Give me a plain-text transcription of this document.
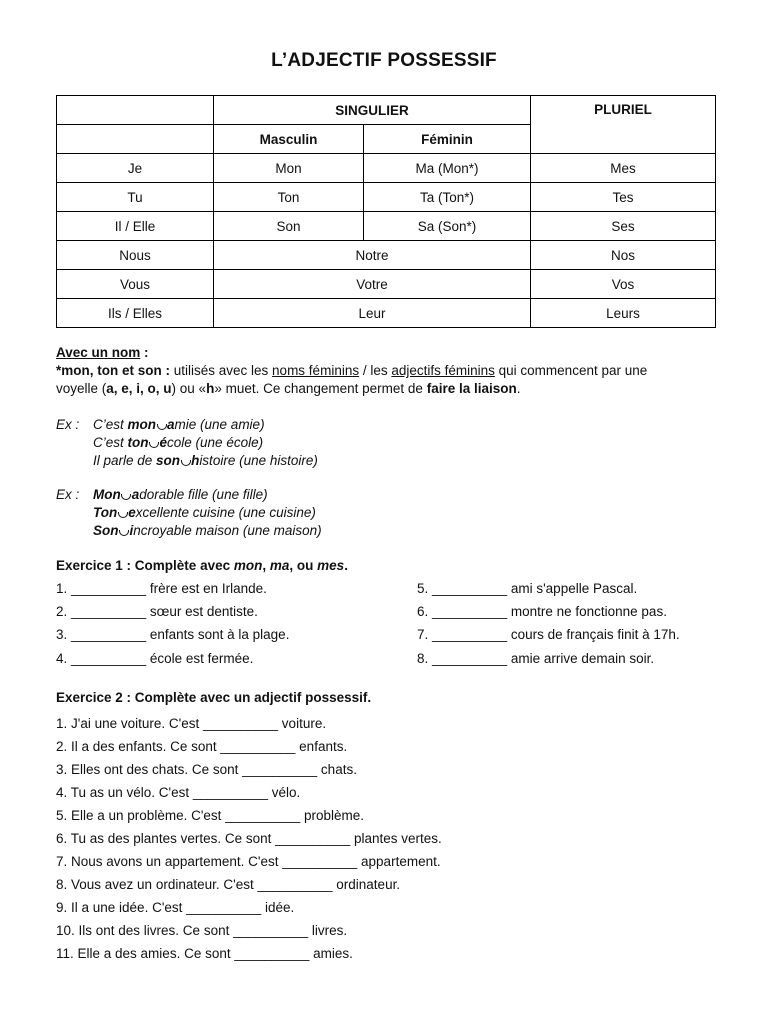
L’ADJECTIF POSSESSIF
	SINGULIER		PLURIEL
	Masculin	Féminin	
Je	Mon	Ma (Mon*)	Mes
Tu	Ton	Ta (Ton*)	Tes
Il / Elle	Son	Sa (Son*)	Ses
Nous	Notre		Nos
Vous	Votre		Vos
Ils / Elles	Leur		Leurs

Avec un nom :

*mon, ton et son : utilisés avec les noms féminins / les adjectifs féminins qui commencent par une
voyelle (a, e, i, o, u) ou «h» muet. Ce changement permet de faire la liaison.

Ex : C’est mon amie (une amie)
C’est ton école (une école)
Il parle de son histoire (une histoire)
Ex : Mon adorable fille (une fille)
Ton excellente cuisine (une cuisine)
Son incroyable maison (une maison)
Exercice 1 : Complète avec mon, ma, ou mes.
1. __________ frère est en Irlande.
2. __________ sœur est dentiste.
3. __________ enfants sont à la plage.
4. __________ école est fermée.
5. __________ ami s'appelle Pascal.
6. __________ montre ne fonctionne pas.
7. __________ cours de français finit à 17h.
8. __________ amie arrive demain soir.
Exercice 2 : Complète avec un adjectif possessif.
1. J'ai une voiture. C'est __________ voiture.
2. Il a des enfants. Ce sont __________ enfants.
3. Elles ont des chats. Ce sont __________ chats.
4. Tu as un vélo. C'est __________ vélo.
5. Elle a un problème. C'est __________ problème.
6. Tu as des plantes vertes. Ce sont __________ plantes vertes.
7. Nous avons un appartement. C'est __________ appartement.
8. Vous avez un ordinateur. C'est __________ ordinateur.
9. Il a une idée. C'est __________ idée.
10. Ils ont des livres. Ce sont __________ livres.
11. Elle a des amies. Ce sont __________ amies.
